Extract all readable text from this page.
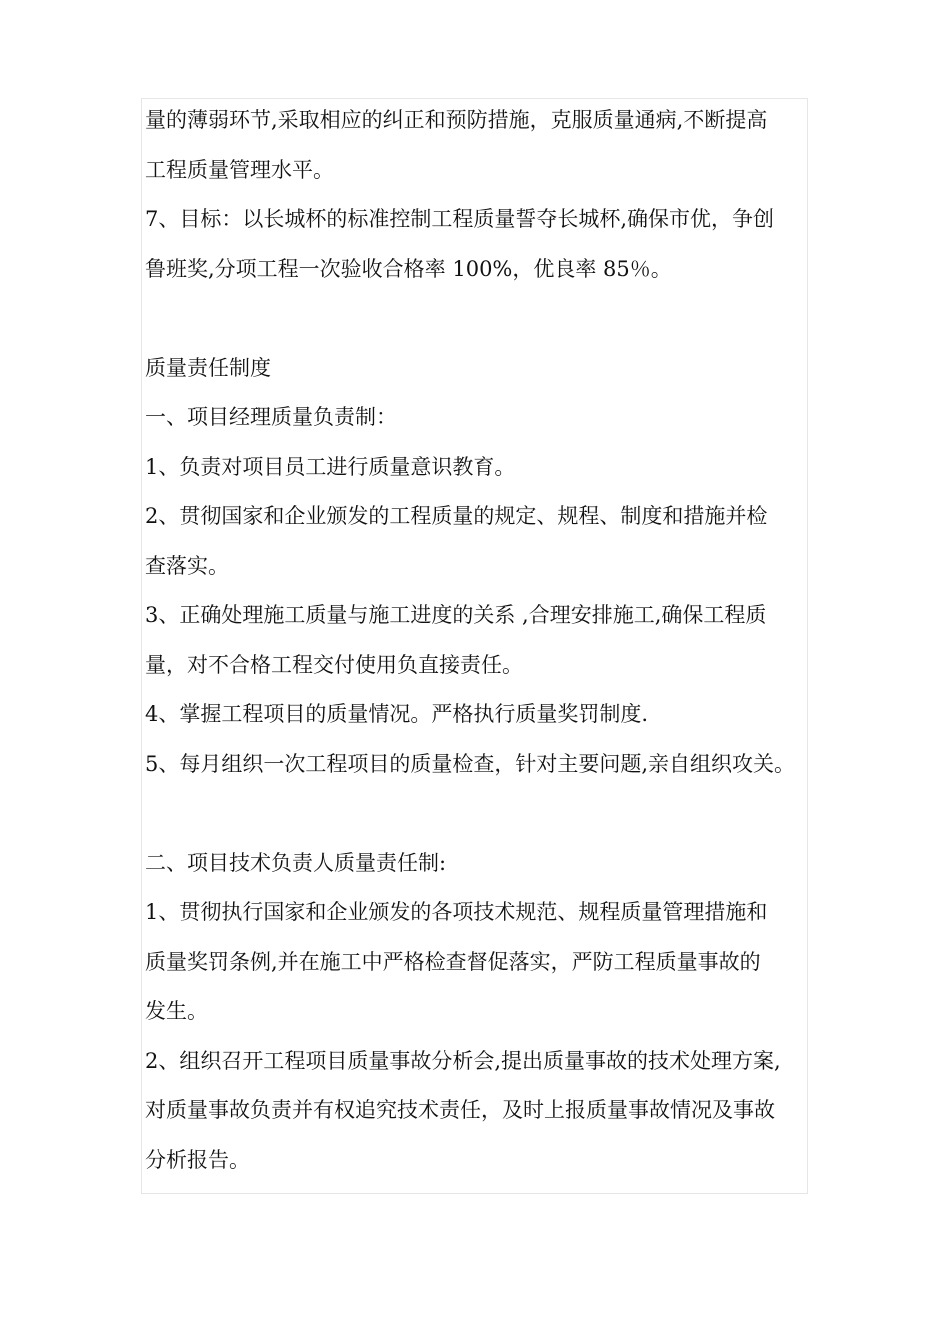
量的薄弱环节,采取相应的纠正和预防措施，克服质量通病,不断提高
工程质量管理水平。
7、目标：以长城杯的标准控制工程质量誓夺长城杯,确保市优，争创
鲁班奖,分项工程一次验收合格率 100%，优良率 85％。
质量责任制度
一、项目经理质量负责制：
1、负责对项目员工进行质量意识教育。
2、贯彻国家和企业颁发的工程质量的规定、规程、制度和措施并检
查落实。
3、正确处理施工质量与施工进度的关系 ,合理安排施工,确保工程质
量，对不合格工程交付使用负直接责任。
4、掌握工程项目的质量情况。严格执行质量奖罚制度.
5、每月组织一次工程项目的质量检查，针对主要问题,亲自组织攻关。
二、项目技术负责人质量责任制:
1、贯彻执行国家和企业颁发的各项技术规范、规程质量管理措施和
质量奖罚条例,并在施工中严格检查督促落实，严防工程质量事故的
发生。
2、组织召开工程项目质量事故分析会,提出质量事故的技术处理方案,
对质量事故负责并有权追究技术责任，及时上报质量事故情况及事故
分析报告。
